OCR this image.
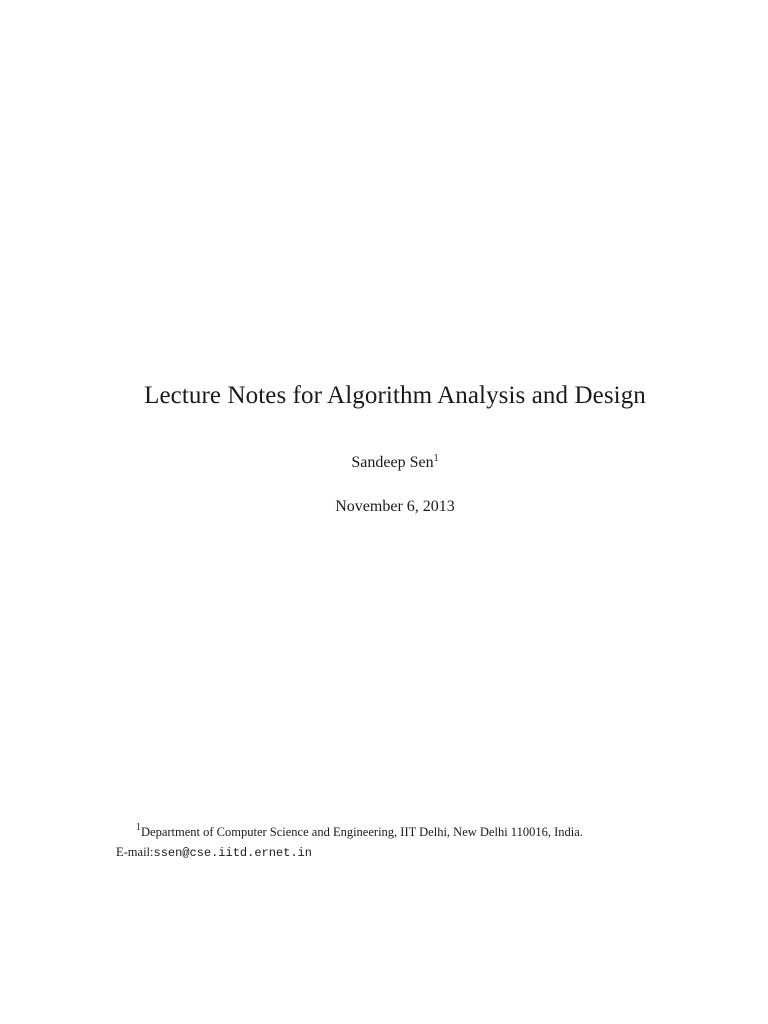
Lecture Notes for Algorithm Analysis and Design
Sandeep Sen$^1$
November 6, 2013
$^1$Department of Computer Science and Engineering, IIT Delhi, New Delhi 110016, India.
E-mail:ssen@cse.iitd.ernet.in
